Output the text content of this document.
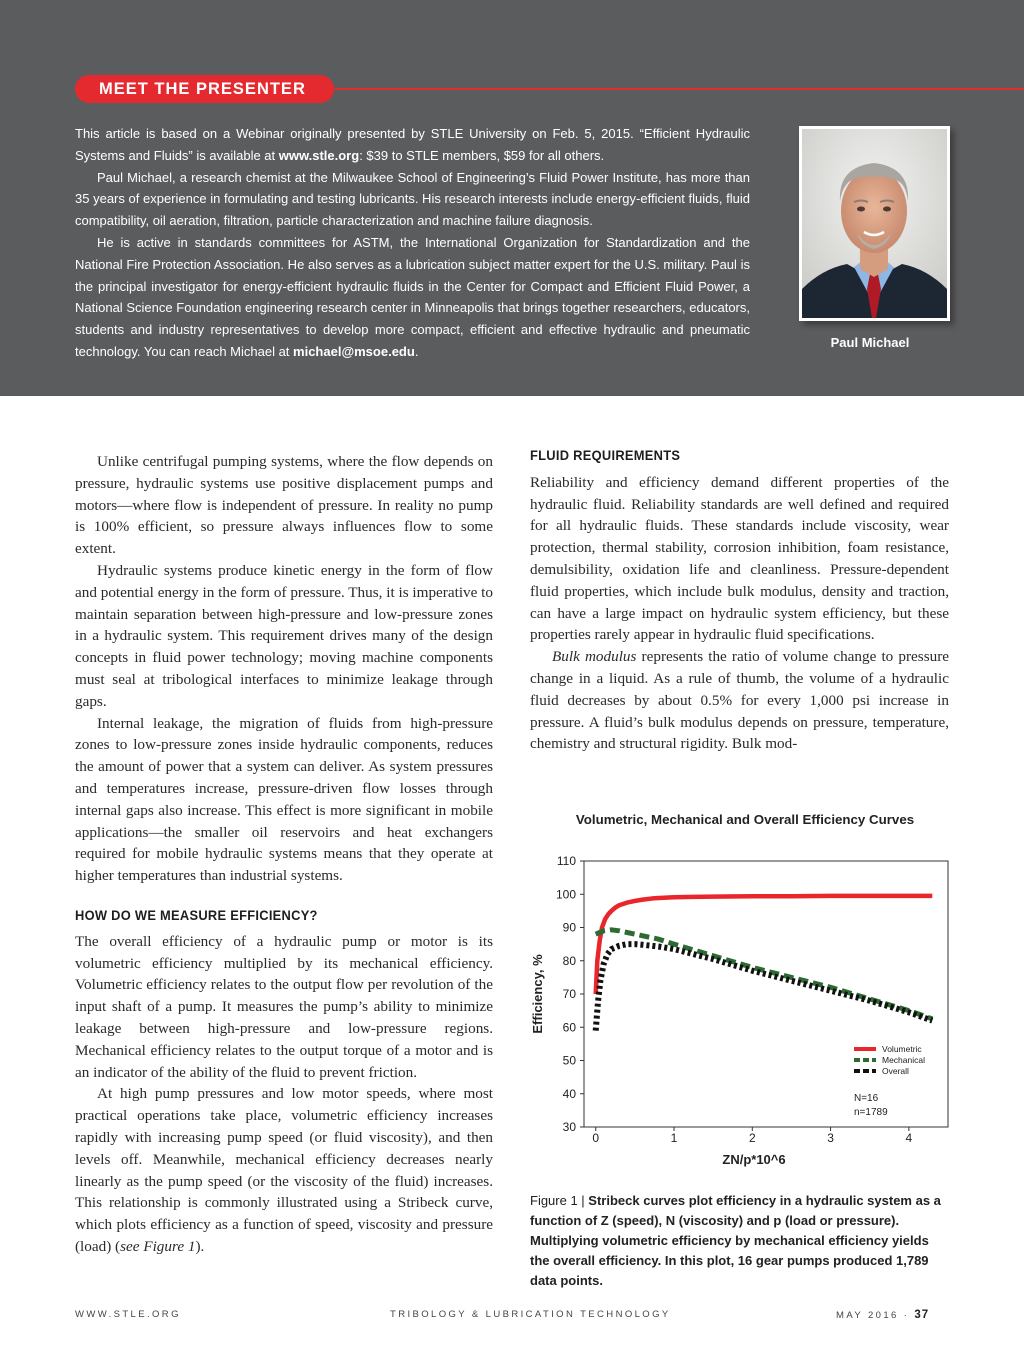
MEET THE PRESENTER

This article is based on a Webinar originally presented by STLE University on Feb. 5, 2015. “Efficient Hydraulic Systems and Fluids” is available at www.stle.org: $39 to STLE members, $59 for all others.

Paul Michael, a research chemist at the Milwaukee School of Engineering’s Fluid Power Institute, has more than 35 years of experience in formulating and testing lubricants. His research interests include energy-efficient fluids, fluid compatibility, oil aeration, filtration, particle characterization and machine failure diagnosis.

He is active in standards committees for ASTM, the International Organization for Standardization and the National Fire Protection Association. He also serves as a lubrication subject matter expert for the U.S. military. Paul is the principal investigator for energy-efficient hydraulic fluids in the Center for Compact and Efficient Fluid Power, a National Science Foundation engineering research center in Minneapolis that brings together researchers, educators, students and industry representatives to develop more compact, efficient and effective hydraulic and pneumatic technology. You can reach Michael at michael@msoe.edu.

Paul Michael

Unlike centrifugal pumping systems, where the flow depends on pressure, hydraulic systems use positive displacement pumps and motors—where flow is independent of pressure. In reality no pump is 100% efficient, so pressure always influences flow to some extent.

Hydraulic systems produce kinetic energy in the form of flow and potential energy in the form of pressure. Thus, it is imperative to maintain separation between high-pressure and low-pressure zones in a hydraulic system. This requirement drives many of the design concepts in fluid power technology; moving machine components must seal at tribological interfaces to minimize leakage through gaps.

Internal leakage, the migration of fluids from high-pressure zones to low-pressure zones inside hydraulic components, reduces the amount of power that a system can deliver. As system pressures and temperatures increase, pressure-driven flow losses through internal gaps also increase. This effect is more significant in mobile applications—the smaller oil reservoirs and heat exchangers required for mobile hydraulic systems means that they operate at higher temperatures than industrial systems.

HOW DO WE MEASURE EFFICIENCY?

The overall efficiency of a hydraulic pump or motor is its volumetric efficiency multiplied by its mechanical efficiency. Volumetric efficiency relates to the output flow per revolution of the input shaft of a pump. It measures the pump’s ability to minimize leakage between high-pressure and low-pressure regions. Mechanical efficiency relates to the output torque of a motor and is an indicator of the ability of the fluid to prevent friction.

At high pump pressures and low motor speeds, where most practical operations take place, volumetric efficiency increases rapidly with increasing pump speed (or fluid viscosity), and then levels off. Meanwhile, mechanical efficiency decreases nearly linearly as the pump speed (or the viscosity of the fluid) increases. This relationship is commonly illustrated using a Stribeck curve, which plots efficiency as a function of speed, viscosity and pressure (load) (see Figure 1).

FLUID REQUIREMENTS

Reliability and efficiency demand different properties of the hydraulic fluid. Reliability standards are well defined and required for all hydraulic fluids. These standards include viscosity, wear protection, thermal stability, corrosion inhibition, foam resistance, demulsibility, oxidation life and cleanliness. Pressure-dependent fluid properties, which include bulk modulus, density and traction, can have a large impact on hydraulic system efficiency, but these properties rarely appear in hydraulic fluid specifications.

Bulk modulus represents the ratio of volume change to pressure change in a liquid. As a rule of thumb, the volume of a hydraulic fluid decreases by about 0.5% for every 1,000 psi increase in pressure. A fluid’s bulk modulus depends on pressure, temperature, chemistry and structural rigidity. Bulk mod-

Volumetric, Mechanical and Overall Efficiency Curves
30
40
50
60
70
80
90
100
110
0	1	2	3	4
ZN/p*10^6
Efficiency, %
Volumetric
Mechanical
Overall
N=16
n=1789
Figure 1 | Stribeck curves plot efficiency in a hydraulic system as a function of Z (speed), N (viscosity) and p (load or pressure). Multiplying volumetric efficiency by mechanical efficiency yields the overall efficiency. In this plot, 16 gear pumps produced 1,789 data points.
WWW.STLE.ORG	TRIBOLOGY & LUBRICATION TECHNOLOGY	MAY 2016 · 37
